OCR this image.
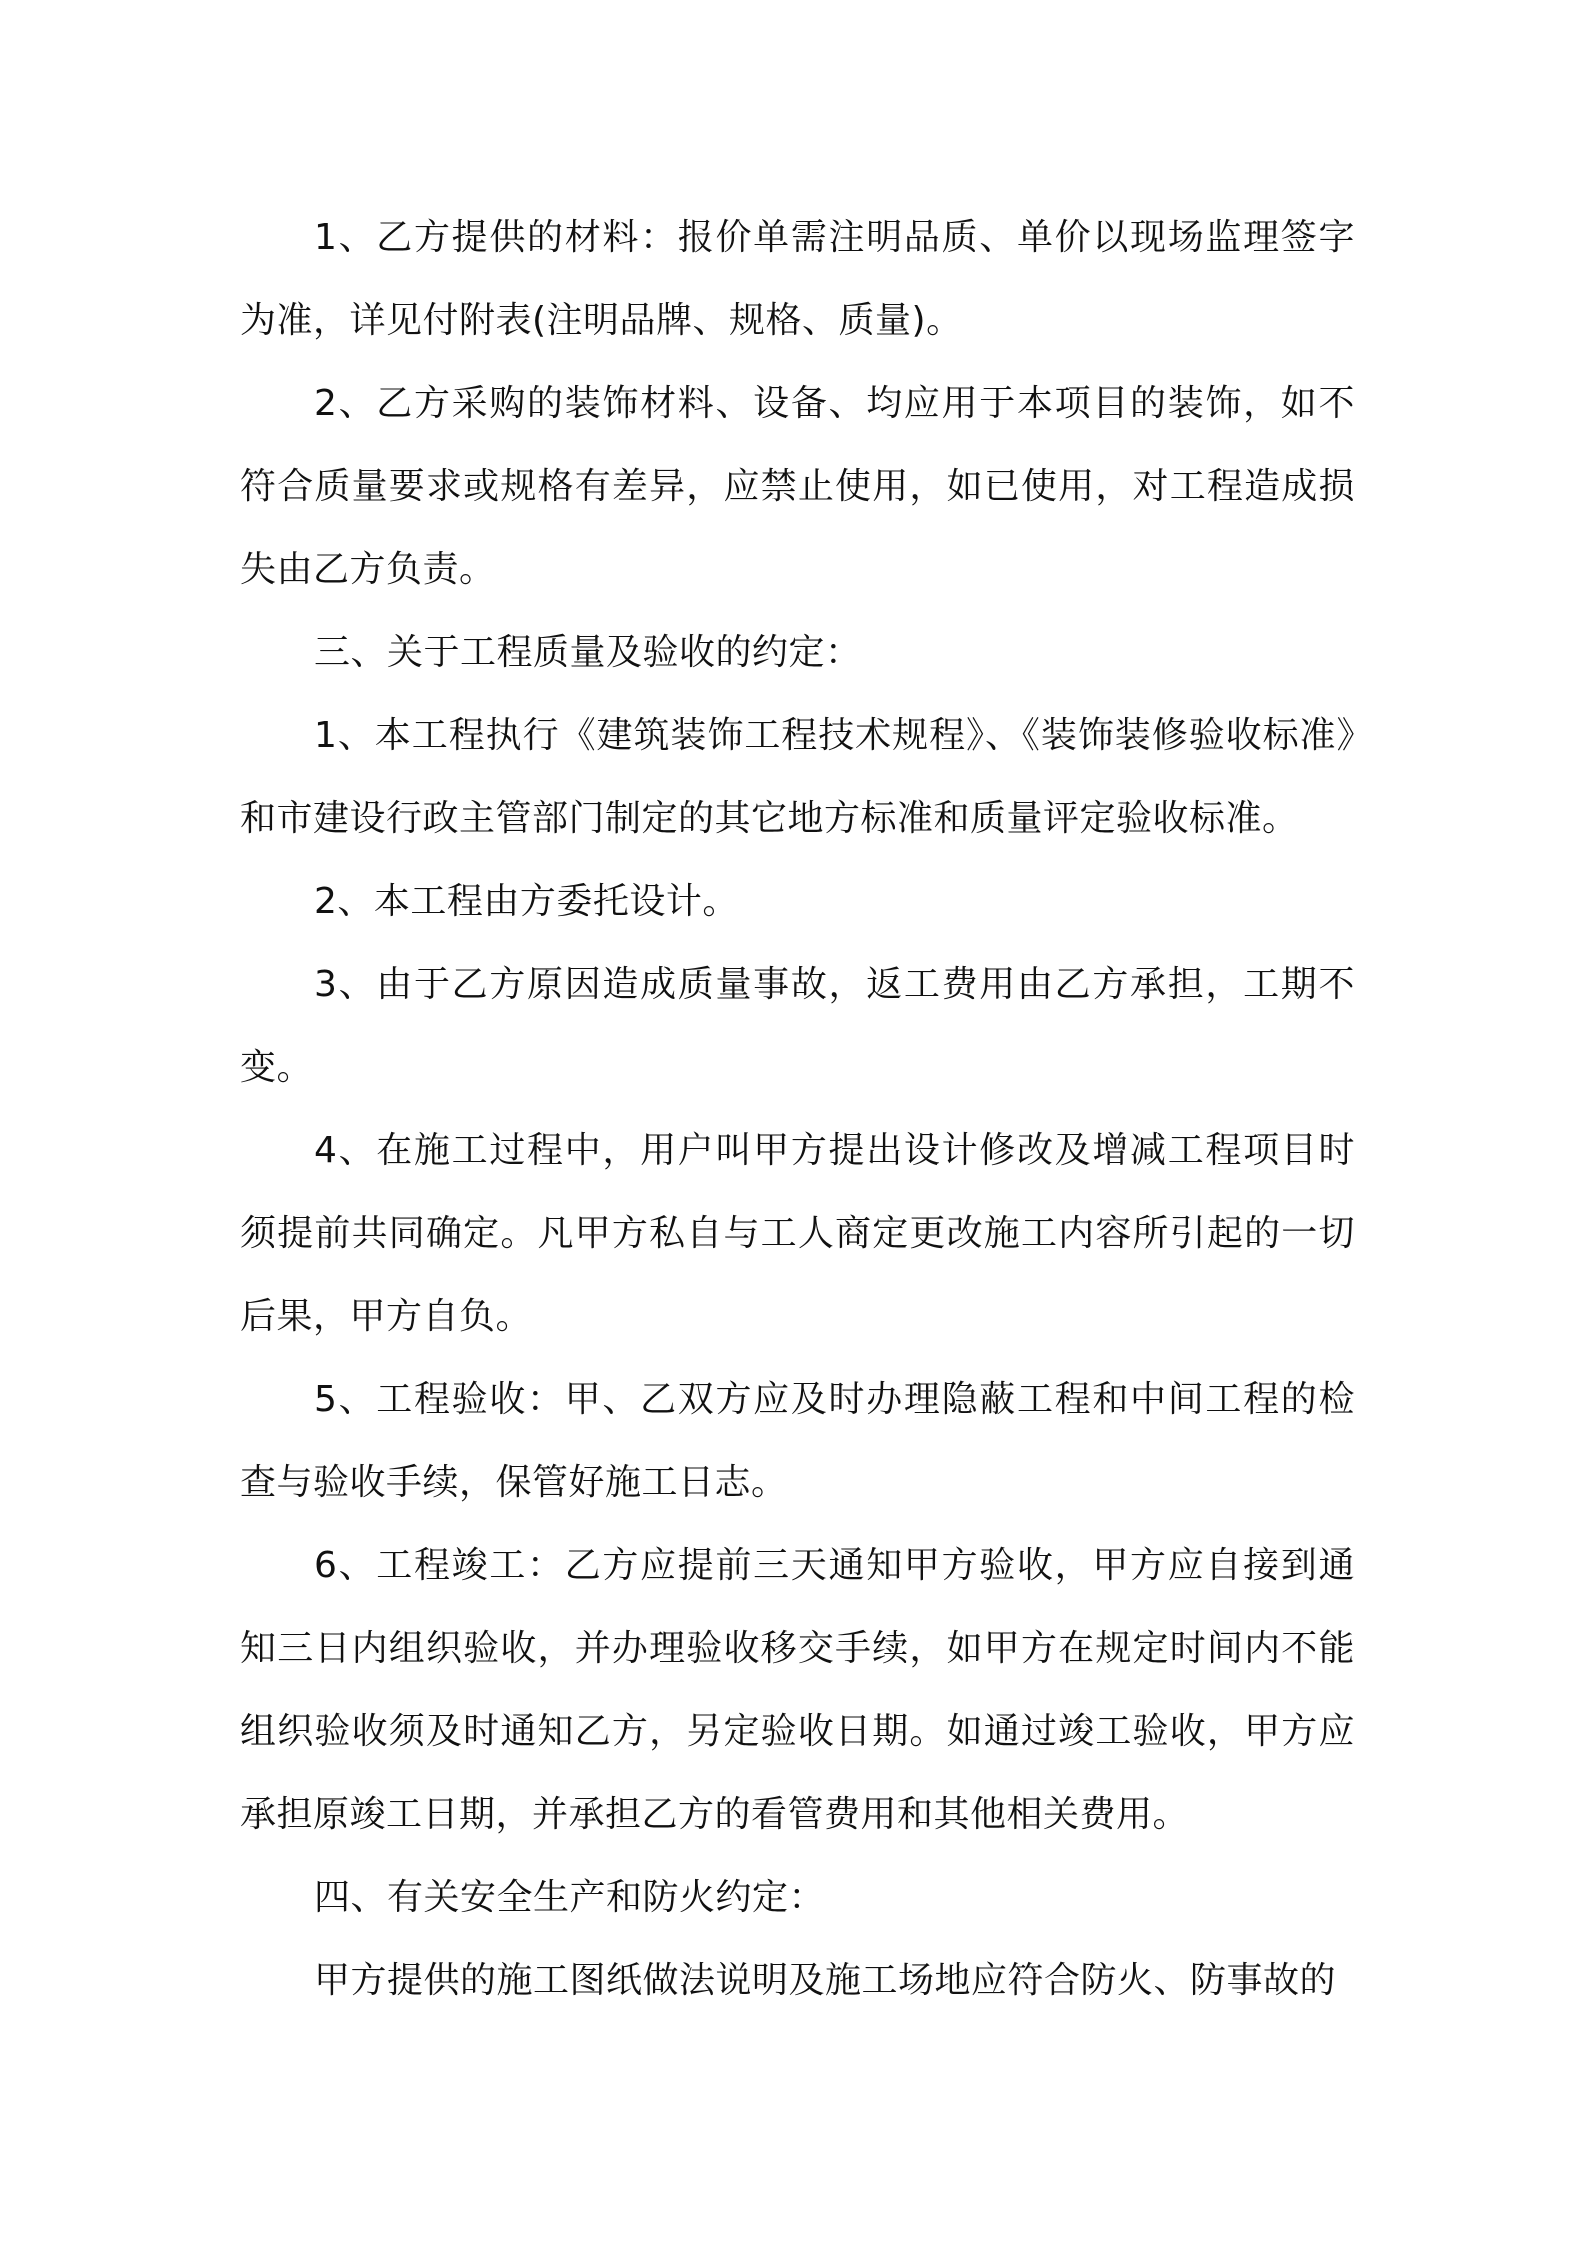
1、乙方提供的材料：报价单需注明品质、单价以现场监理签字为准，详见付附表(注明品牌、规格、质量)。

2、乙方采购的装饰材料、设备、均应用于本项目的装饰，如不符合质量要求或规格有差异，应禁止使用，如已使用，对工程造成损失由乙方负责。

三、关于工程质量及验收的约定：

1、本工程执行《建筑装饰工程技术规程》、《装饰装修验收标准》和市建设行政主管部门制定的其它地方标准和质量评定验收标准。

2、本工程由方委托设计。

3、由于乙方原因造成质量事故，返工费用由乙方承担，工期不变。

4、在施工过程中，用户叫甲方提出设计修改及增减工程项目时须提前共同确定。凡甲方私自与工人商定更改施工内容所引起的一切后果，甲方自负。

5、工程验收：甲、乙双方应及时办理隐蔽工程和中间工程的检查与验收手续，保管好施工日志。

6、工程竣工：乙方应提前三天通知甲方验收，甲方应自接到通知三日内组织验收，并办理验收移交手续，如甲方在规定时间内不能组织验收须及时通知乙方，另定验收日期。如通过竣工验收，甲方应承担原竣工日期，并承担乙方的看管费用和其他相关费用。

四、有关安全生产和防火约定：

甲方提供的施工图纸做法说明及施工场地应符合防火、防事故的
